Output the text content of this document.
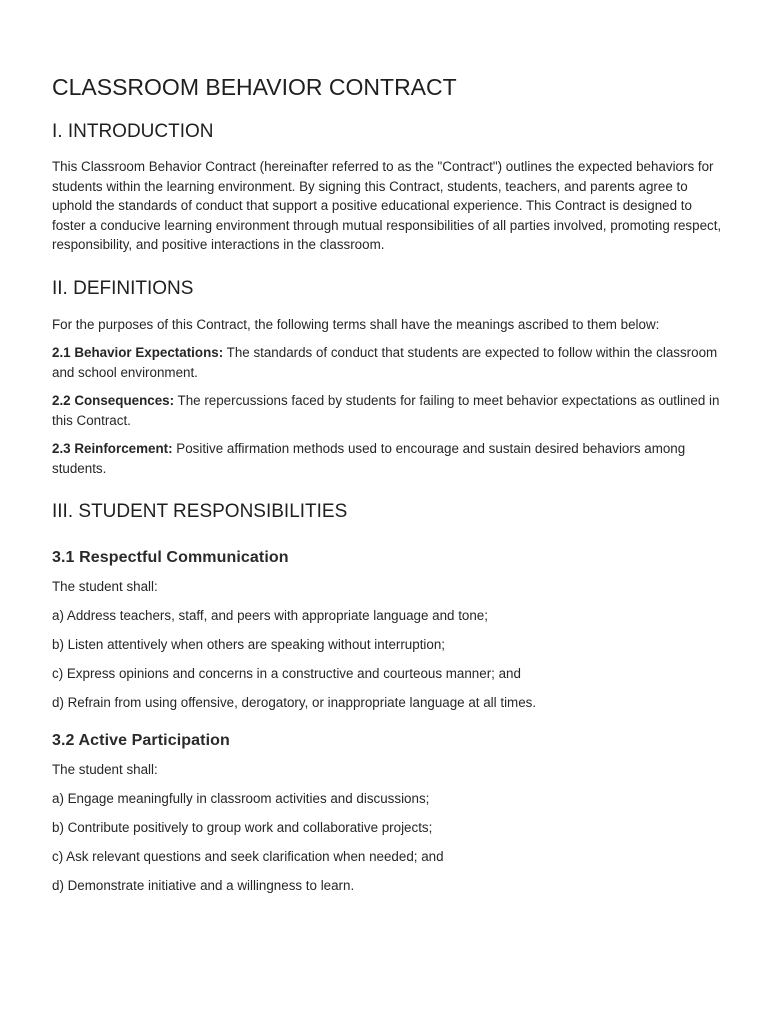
CLASSROOM BEHAVIOR CONTRACT
I. INTRODUCTION

This Classroom Behavior Contract (hereinafter referred to as the "Contract") outlines the expected behaviors for students within the learning environment. By signing this Contract, students, teachers, and parents agree to uphold the standards of conduct that support a positive educational experience. This Contract is designed to foster a conducive learning environment through mutual responsibilities of all parties involved, promoting respect, responsibility, and positive interactions in the classroom.

II. DEFINITIONS

For the purposes of this Contract, the following terms shall have the meanings ascribed to them below:

2.1 Behavior Expectations: The standards of conduct that students are expected to follow within the classroom and school environment.

2.2 Consequences: The repercussions faced by students for failing to meet behavior expectations as outlined in this Contract.

2.3 Reinforcement: Positive affirmation methods used to encourage and sustain desired behaviors among students.

III. STUDENT RESPONSIBILITIES
3.1 Respectful Communication

The student shall:

a) Address teachers, staff, and peers with appropriate language and tone;

b) Listen attentively when others are speaking without interruption;

c) Express opinions and concerns in a constructive and courteous manner; and

d) Refrain from using offensive, derogatory, or inappropriate language at all times.

3.2 Active Participation

The student shall:

a) Engage meaningfully in classroom activities and discussions;

b) Contribute positively to group work and collaborative projects;

c) Ask relevant questions and seek clarification when needed; and

d) Demonstrate initiative and a willingness to learn.
